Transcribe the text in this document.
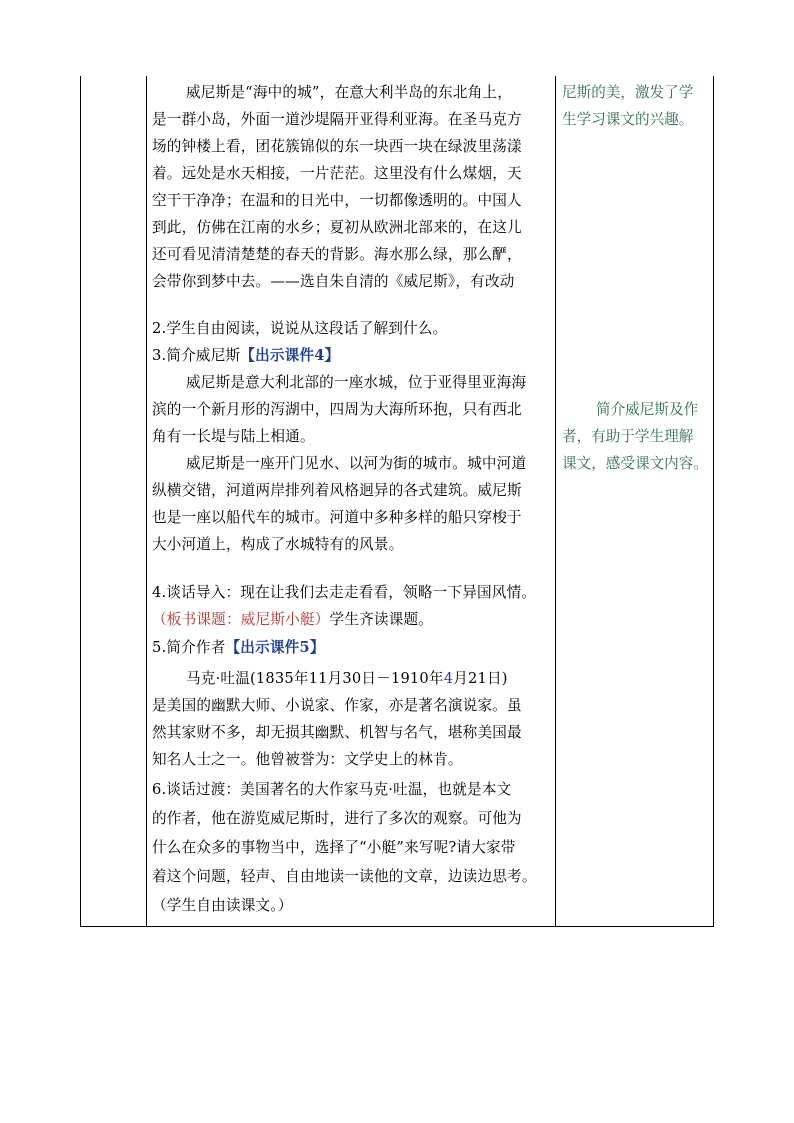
威尼斯是“海中的城”，在意大利半岛的东北角上，
是一群小岛，外面一道沙堤隔开亚得利亚海。在圣马克方
场的钟楼上看，团花簇锦似的东一块西一块在绿波里荡漾
着。远处是水天相接，一片茫茫。这里没有什么煤烟，天
空干干净净；在温和的日光中，一切都像透明的。中国人
到此，仿佛在江南的水乡；夏初从欧洲北部来的，在这儿
还可看见清清楚楚的春天的背影。海水那么绿，那么酽，
会带你到梦中去。——选自朱自清的《威尼斯》，有改动
2.学生自由阅读，说说从这段话了解到什么。
3.简介威尼斯【出示课件4】
威尼斯是意大利北部的一座水城，位于亚得里亚海海
滨的一个新月形的泻湖中，四周为大海所环抱，只有西北
角有一长堤与陆上相通。
威尼斯是一座开门见水、以河为街的城市。城中河道
纵横交错，河道两岸排列着风格迥异的各式建筑。威尼斯
也是一座以船代车的城市。河道中多种多样的船只穿梭于
大小河道上，构成了水城特有的风景。
4.谈话导入：现在让我们去走走看看，领略一下异国风情。
（板书课题：威尼斯小艇）学生齐读课题。
5.简介作者【出示课件5】
马克·吐温(1835年11月30日－1910年4月21日)
是美国的幽默大师、小说家、作家，亦是著名演说家。虽
然其家财不多，却无损其幽默、机智与名气，堪称美国最
知名人士之一。他曾被誉为：文学史上的林肯。
6.谈话过渡：美国著名的大作家马克·吐温，也就是本文
的作者，他在游览威尼斯时，进行了多次的观察。可他为
什么在众多的事物当中，选择了“小艇”来写呢?请大家带
着这个问题，轻声、自由地读一读他的文章，边读边思考。
（学生自由读课文。）
尼斯的美，激发了学
生学习课文的兴趣。
简介威尼斯及作
者，有助于学生理解
课文，感受课文内容。
